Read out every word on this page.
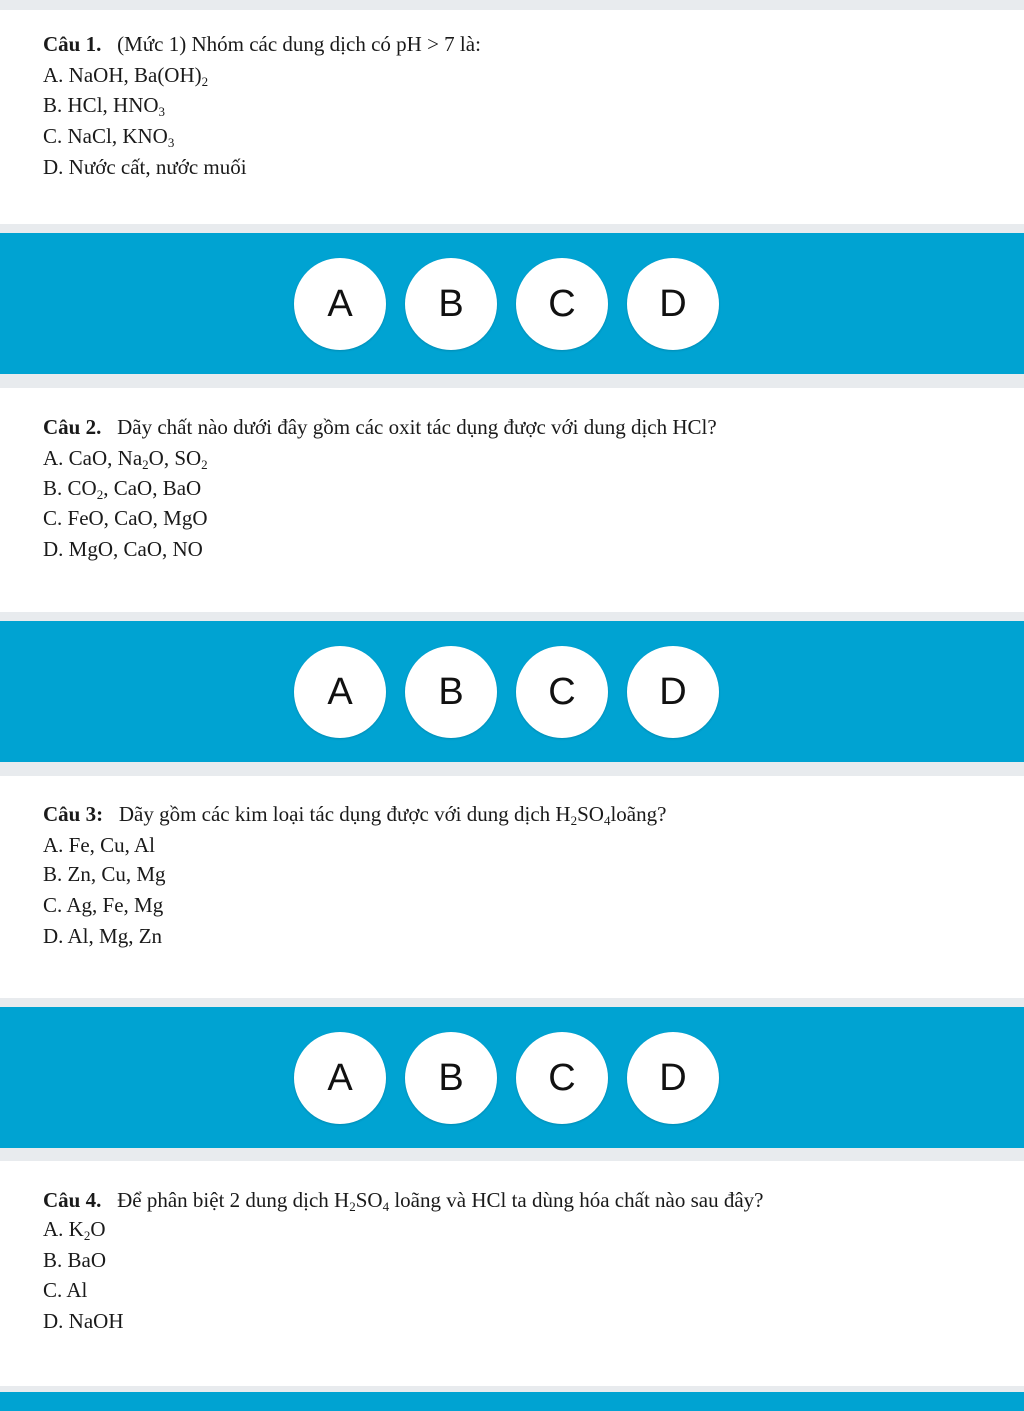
Câu 1. (Mức 1) Nhóm các dung dịch có pH > 7 là:
A. NaOH, $Ba(OH)_2$
B. HCl, $HNO_3$
C. NaCl, $KNO_3$
D. Nước cất, nước muối
A	B	C	D
Câu 2. Dãy chất nào dưới đây gồm các oxit tác dụng được với dung dịch HCl?
A. CaO, $Na_2O$, $SO_2$
B. $CO_2$, CaO, BaO
C. FeO, CaO, MgO
D. MgO, CaO, NO
A	B	C	D
Câu 3: Dãy gồm các kim loại tác dụng được với dung dịch $H_2SO_4loãng$?
A. Fe, Cu, Al
B. Zn, Cu, Mg
C. Ag, Fe, Mg
D. Al, Mg, Zn
A	B	C	D
Câu 4. Để phân biệt 2 dung dịch $H_2SO_4$ loãng và HCl ta dùng hóa chất nào sau đây?
A. $K_2O$
B. BaO
C. Al
D. NaOH
